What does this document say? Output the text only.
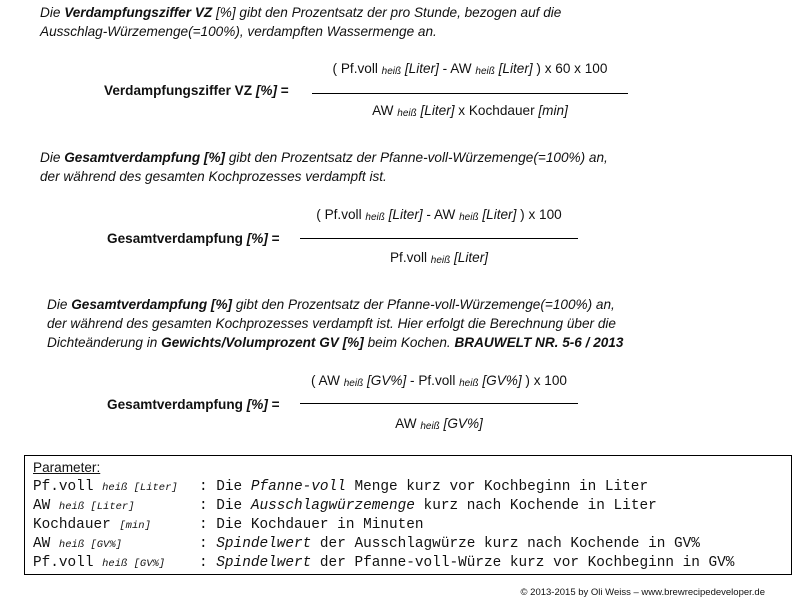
Die Verdampfungsziffer VZ [%] gibt den Prozentsatz der pro Stunde, bezogen auf die
Ausschlag-Würzemenge(=100%), verdampften Wassermenge an.
Verdampfungsziffer VZ [%] =
( Pf.voll heiß [Liter] - AW heiß [Liter] ) x 60 x 100
AW heiß [Liter] x Kochdauer [min]
Die Gesamtverdampfung [%] gibt den Prozentsatz der Pfanne-voll-Würzemenge(=100%) an,
der während des gesamten Kochprozesses verdampft ist.
Gesamtverdampfung [%] =
( Pf.voll heiß [Liter] - AW heiß [Liter] ) x 100
Pf.voll heiß [Liter]
Die Gesamtverdampfung [%] gibt den Prozentsatz der Pfanne-voll-Würzemenge(=100%) an,
der während des gesamten Kochprozesses verdampft ist. Hier erfolgt die Berechnung über die
Dichteänderung in Gewichts/Volumprozent GV [%] beim Kochen. BRAUWELT NR. 5-6 / 2013
Gesamtverdampfung [%] =
( AW heiß [GV%] - Pf.voll heiß [GV%] ) x 100
AW heiß [GV%]
Parameter:
Pf.voll heiß [Liter] : Die Pfanne-voll Menge kurz vor Kochbeginn in Liter
AW heiß [Liter]	: Die Ausschlagwürzemenge kurz nach Kochende in Liter
Kochdauer [min]	: Die Kochdauer in Minuten
AW heiß [GV%]	: Spindelwert der Ausschlagwürze kurz nach Kochende in GV%
Pf.voll heiß [GV%] : Spindelwert der Pfanne-voll-Würze kurz vor Kochbeginn in GV%
© 2013-2015 by Oli Weiss – www.brewrecipedeveloper.de
